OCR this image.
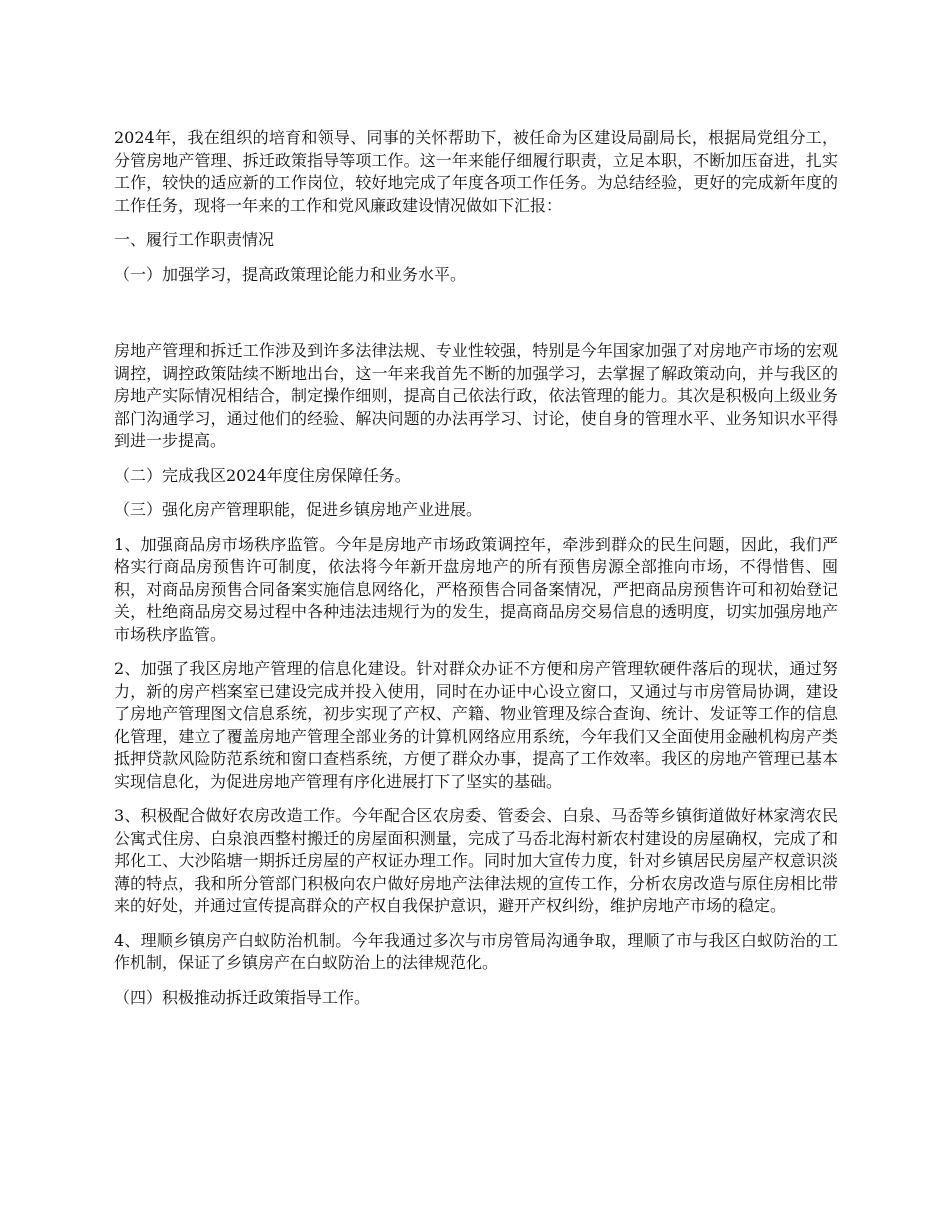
2024年，我在组织的培育和领导、同事的关怀帮助下，被任命为区建设局副局长，根据局党组分工，分管房地产管理、拆迁政策指导等项工作。这一年来能仔细履行职责，立足本职，不断加压奋进，扎实工作，较快的适应新的工作岗位，较好地完成了年度各项工作任务。为总结经验，更好的完成新年度的工作任务，现将一年来的工作和党风廉政建设情况做如下汇报：

一、履行工作职责情况

（一）加强学习，提高政策理论能力和业务水平。

房地产管理和拆迁工作涉及到许多法律法规、专业性较强，特别是今年国家加强了对房地产市场的宏观调控，调控政策陆续不断地出台，这一年来我首先不断的加强学习，去掌握了解政策动向，并与我区的房地产实际情况相结合，制定操作细则，提高自己依法行政，依法管理的能力。其次是积极向上级业务部门沟通学习，通过他们的经验、解决问题的办法再学习、讨论，使自身的管理水平、业务知识水平得到进一步提高。

（二）完成我区2024年度住房保障任务。

（三）强化房产管理职能，促进乡镇房地产业进展。

1、加强商品房市场秩序监管。今年是房地产市场政策调控年，牵涉到群众的民生问题，因此，我们严格实行商品房预售许可制度，依法将今年新开盘房地产的所有预售房源全部推向市场，不得惜售、囤积，对商品房预售合同备案实施信息网络化，严格预售合同备案情况，严把商品房预售许可和初始登记关，杜绝商品房交易过程中各种违法违规行为的发生，提高商品房交易信息的透明度，切实加强房地产市场秩序监管。

2、加强了我区房地产管理的信息化建设。针对群众办证不方便和房产管理软硬件落后的现状，通过努力，新的房产档案室已建设完成并投入使用，同时在办证中心设立窗口，又通过与市房管局协调，建设了房地产管理图文信息系统，初步实现了产权、产籍、物业管理及综合查询、统计、发证等工作的信息化管理，建立了覆盖房地产管理全部业务的计算机网络应用系统，今年我们又全面使用金融机构房产类抵押贷款风险防范系统和窗口查档系统，方便了群众办事，提高了工作效率。我区的房地产管理已基本实现信息化，为促进房地产管理有序化进展打下了坚实的基础。

3、积极配合做好农房改造工作。今年配合区农房委、管委会、白泉、马岙等乡镇街道做好林家湾农民公寓式住房、白泉浪西整村搬迁的房屋面积测量，完成了马岙北海村新农村建设的房屋确权，完成了和邦化工、大沙陷塘一期拆迁房屋的产权证办理工作。同时加大宣传力度，针对乡镇居民房屋产权意识淡薄的特点，我和所分管部门积极向农户做好房地产法律法规的宣传工作，分析农房改造与原住房相比带来的好处，并通过宣传提高群众的产权自我保护意识，避开产权纠纷，维护房地产市场的稳定。

4、理顺乡镇房产白蚁防治机制。今年我通过多次与市房管局沟通争取，理顺了市与我区白蚁防治的工作机制，保证了乡镇房产在白蚁防治上的法律规范化。

（四）积极推动拆迁政策指导工作。
